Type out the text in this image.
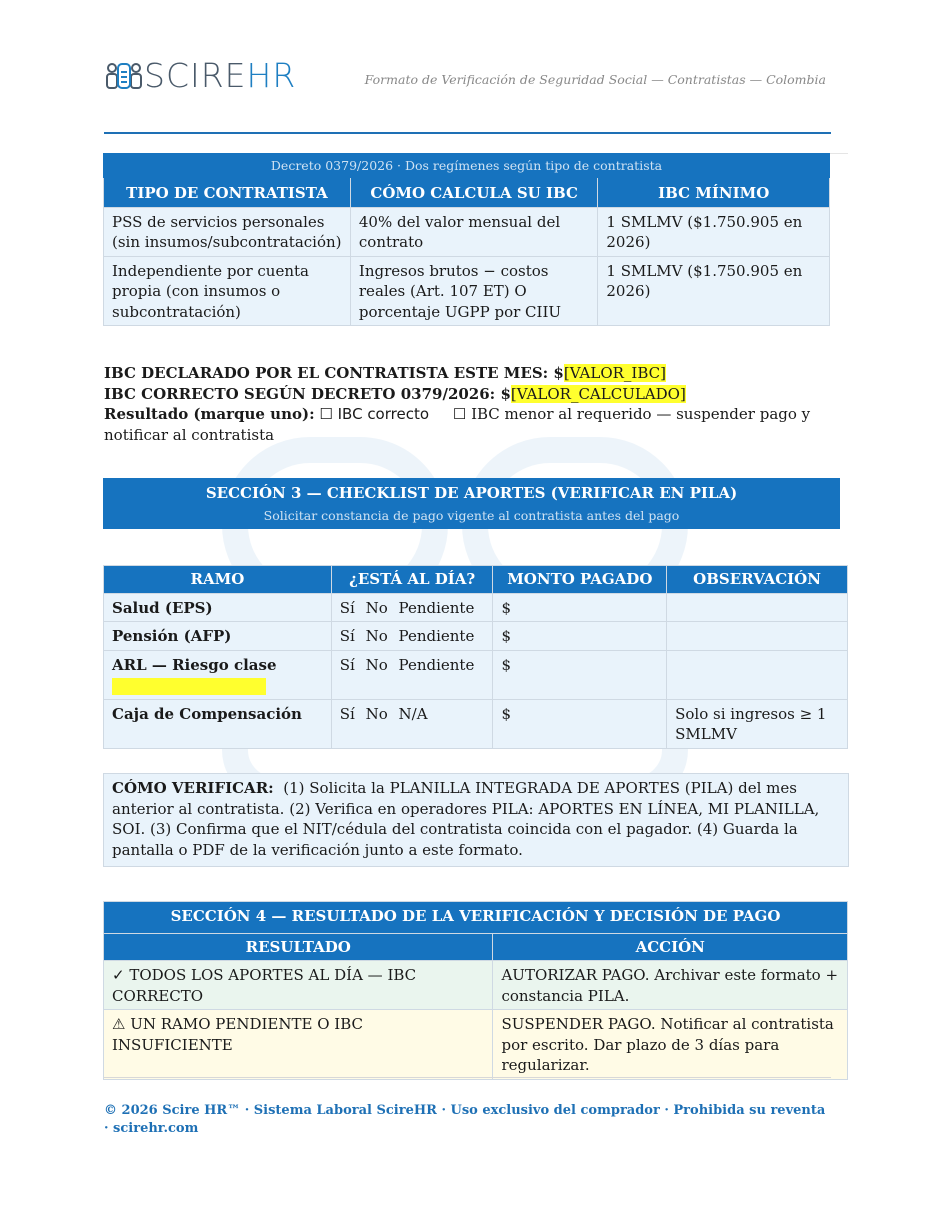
SCIREHR	Formato de Verificación de Seguridad Social — Contratistas — Colombia
Decreto 0379/2026 · Dos regímenes según tipo de contratista		
TIPO DE CONTRATISTA	CÓMO CALCULA SU IBC	IBC MÍNIMO
PSS de servicios personales (sin insumos/subcontratación)	40% del valor mensual del contrato	1 SMLMV ($1.750.905 en 2026)
Independiente por cuenta propia (con insumos o subcontratación)	Ingresos brutos − costos reales (Art. 107 ET) O porcentaje UGPP por CIIU	1 SMLMV ($1.750.905 en 2026)
IBC DECLARADO POR EL CONTRATISTA ESTE MES: $[VALOR_IBC]
IBC CORRECTO SEGÚN DECRETO 0379/2026: $[VALOR_CALCULADO]
Resultado (marque uno): ☐ IBC correcto ☐ IBC menor al requerido — suspender pago y notificar al contratista
SECCIÓN 3 — CHECKLIST DE APORTES (VERIFICAR EN PILA)
Solicitar constancia de pago vigente al contratista antes del pago
RAMO	¿ESTÁ AL DÍA?	MONTO PAGADO	OBSERVACIÓN
Salud (EPS)	Sí No Pendiente	$	
Pensión (AFP)	Sí No Pendiente	$	
ARL — Riesgo clase	Sí No Pendiente	$	
Caja de Compensación	Sí No N/A	$	Solo si ingresos ≥ 1 SMLMV
CÓMO VERIFICAR: (1) Solicita la PLANILLA INTEGRADA DE APORTES (PILA) del mes anterior al contratista. (2) Verifica en operadores PILA: APORTES EN LÍNEA, MI PLANILLA, SOI. (3) Confirma que el NIT/cédula del contratista coincida con el pagador. (4) Guarda la pantalla o PDF de la verificación junto a este formato.
SECCIÓN 4 — RESULTADO DE LA VERIFICACIÓN Y DECISIÓN DE PAGO	
RESULTADO	ACCIÓN
✓ TODOS LOS APORTES AL DÍA — IBC CORRECTO	AUTORIZAR PAGO. Archivar este formato + constancia PILA.
⚠ UN RAMO PENDIENTE O IBC INSUFICIENTE	SUSPENDER PAGO. Notificar al contratista por escrito. Dar plazo de 3 días para regularizar.
© 2026 Scire HR™ · Sistema Laboral ScireHR · Uso exclusivo del comprador · Prohibida su reventa · scirehr.com
